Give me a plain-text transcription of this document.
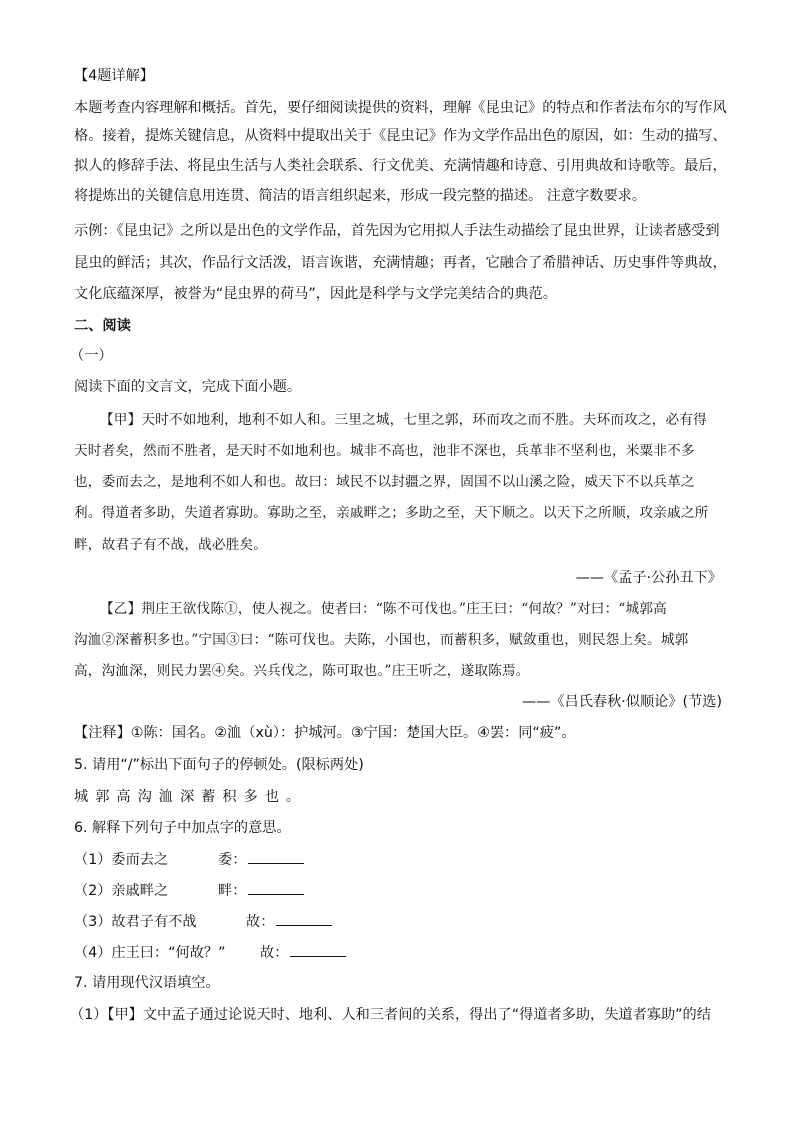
【4题详解】
本题考查内容理解和概括。首先，要仔细阅读提供的资料，理解《昆虫记》的特点和作者法布尔的写作风
格。接着，提炼关键信息，从资料中提取出关于《昆虫记》作为文学作品出色的原因，如：生动的描写、
拟人的修辞手法、将昆虫生活与人类社会联系、行文优美、充满情趣和诗意、引用典故和诗歌等。最后，
将提炼出的关键信息用连贯、简洁的语言组织起来，形成一段完整的描述。 注意字数要求。
示例：《昆虫记》之所以是出色的文学作品，首先因为它用拟人手法生动描绘了昆虫世界，让读者感受到
昆虫的鲜活；其次，作品行文活泼，语言诙谐，充满情趣；再者，它融合了希腊神话、历史事件等典故，
文化底蕴深厚，被誉为“昆虫界的荷马”，因此是科学与文学完美结合的典范。
二、阅读
（一）
阅读下面的文言文，完成下面小题。
【甲】天时不如地利，地利不如人和。三里之城，七里之郭，环而攻之而不胜。夫环而攻之，必有得
天时者矣，然而不胜者，是天时不如地利也。城非不高也，池非不深也，兵革非不坚利也，米粟非不多
也，委而去之，是地利不如人和也。故曰：域民不以封疆之界，固国不以山溪之险，威天下不以兵革之
利。得道者多助，失道者寡助。寡助之至，亲戚畔之；多助之至，天下顺之。以天下之所顺，攻亲戚之所
畔，故君子有不战，战必胜矣。
——《孟子·公孙丑下》
【乙】荆庄王欲伐陈①，使人视之。使者曰：“陈不可伐也。”庄王曰：“何故？”对曰：“城郭高
沟洫②深蓄积多也。”宁国③曰：“陈可伐也。夫陈，小国也，而蓄积多，赋敛重也，则民怨上矣。城郭
高，沟洫深，则民力罢④矣。兴兵伐之，陈可取也。”庄王听之，遂取陈焉。
——《吕氏春秋·似顺论》(节选)
【注释】①陈：国名。②洫（xù）：护城河。③宁国：楚国大臣。④罢：同“疲”。
5. 请用“/”标出下面句子的停顿处。(限标两处)
城郭高沟洫深蓄积多也。
6. 解释下列句子中加点字的意思。
（1）委而去之	委：
（2）亲戚畔之	畔：
（3）故君子有不战	故：
（4）庄王曰：“何故？” 故：
7. 请用现代汉语填空。
（1）【甲】文中孟子通过论说天时、地利、人和三者间的关系，得出了“得道者多助，失道者寡助”的结
